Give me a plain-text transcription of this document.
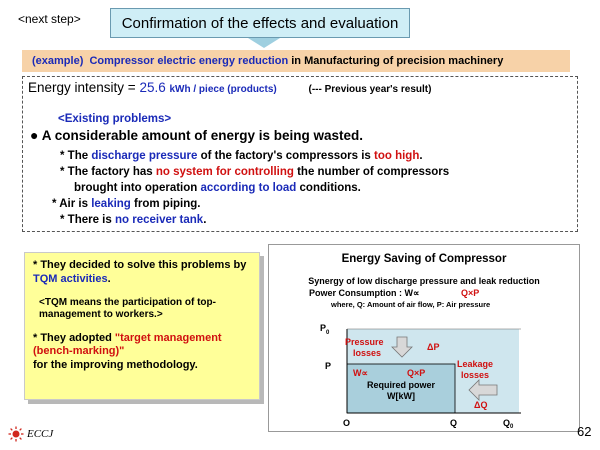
<next step>	Confirmation of the effects and evaluation
(example)
Compressor electric energy reduction
in Manufacturing of precision machinery
Energy intensity = 25.6 kWh / piece (products)	(--- Previous year's result)
<Existing problems>
● A considerable amount of energy is being wasted.
* The discharge pressure of the factory's compressors is too high.
* The factory has no system for controlling the number of compressors
brought into operation according to load conditions.
* Air is leaking from piping.
* There is no receiver tank.

* They decided to solve this problems by TQM activities.

<TQM means the participation of top-management to workers.>

* They adopted "target management (bench-marking)"
for the improving methodology.

Energy Saving of Compressor
Synergy of low discharge pressure and leak reduction
Power Consumption : W∝	Q×P
where, Q: Amount of air flow, P: Air pressure
$P_0$
P
O	Q	$Q_0$
Pressure
losses
ΔP
Leakage
losses
ΔQ
W∝	Q×P
Required power
W[kW]
ECCJ	62
